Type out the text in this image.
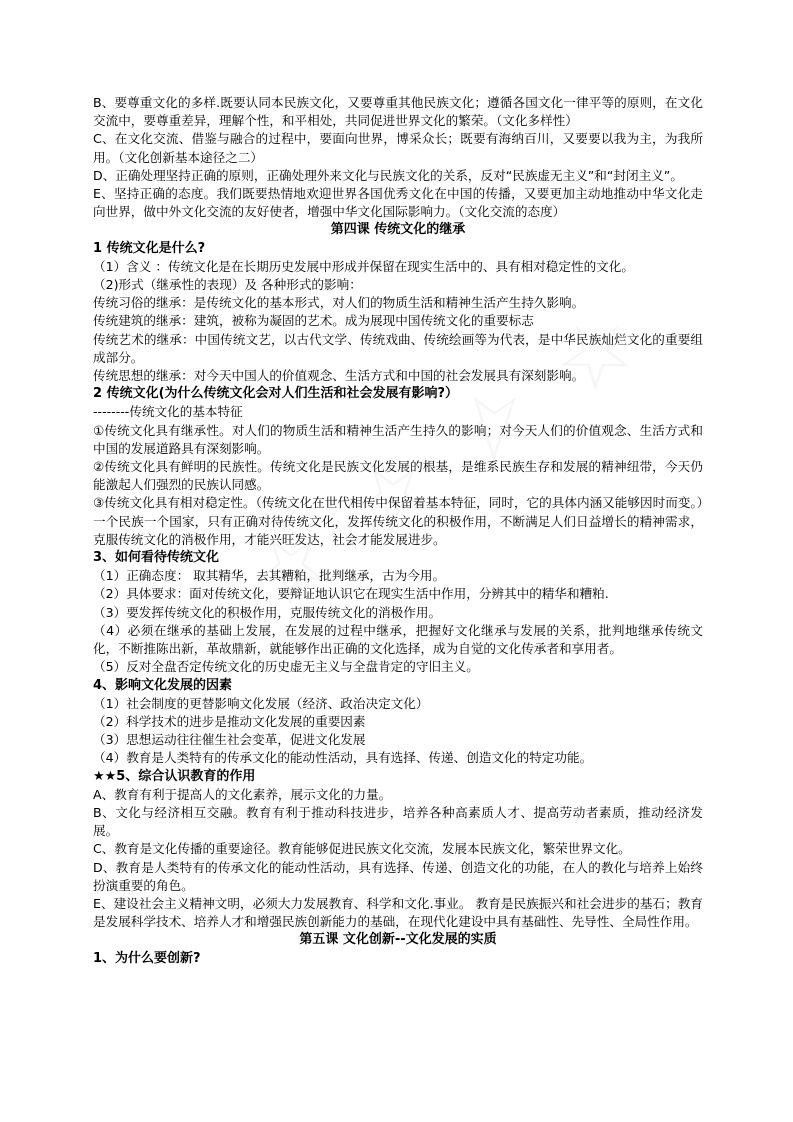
B、要尊重文化的多样.既要认同本民族文化，又要尊重其他民族文化；遵循各国文化一律平等的原则，在文化交流中，要尊重差异，理解个性，和平相处，共同促进世界文化的繁荣。（文化多样性）

C、在文化交流、借鉴与融合的过程中，要面向世界，博采众长；既要有海纳百川，又要要以我为主，为我所用。（文化创新基本途径之二）

D、正确处理坚持正确的原则，正确处理外来文化与民族文化的关系，反对“民族虚无主义”和“封闭主义”。

E、坚持正确的态度。我们既要热情地欢迎世界各国优秀文化在中国的传播，又要更加主动地推动中华文化走向世界，做中外文化交流的友好使者，增强中华文化国际影响力。（文化交流的态度）

第四课 传统文化的继承

1 传统文化是什么?

（1）含义 ：传统文化是在长期历史发展中形成并保留在现实生活中的、具有相对稳定性的文化。

（2)形式（继承性的表现）及 各种形式的影响：

传统习俗的继承：是传统文化的基本形式，对人们的物质生活和精神生活产生持久影响。

传统建筑的继承：建筑，被称为凝固的艺术。成为展现中国传统文化的重要标志

传统艺术的继承：中国传统文艺，以古代文学、传统戏曲、传统绘画等为代表，是中华民族灿烂文化的重要组成部分。

传统思想的继承：对今天中国人的价值观念、生活方式和中国的社会发展具有深刻影响。

2 传统文化(为什么传统文化会对人们生活和社会发展有影响?）

--------传统文化的基本特征

①传统文化具有继承性。对人们的物质生活和精神生活产生持久的影响；对今天人们的价值观念、生活方式和中国的发展道路具有深刻影响。

②传统文化具有鲜明的民族性。传统文化是民族文化发展的根基，是维系民族生存和发展的精神纽带，今天仍能激起人们强烈的民族认同感。

③传统文化具有相对稳定性。（传统文化在世代相传中保留着基本特征，同时，它的具体内涵又能够因时而变。）一个民族一个国家，只有正确对待传统文化，发挥传统文化的积极作用，不断满足人们日益增长的精神需求，克服传统文化的消极作用，才能兴旺发达，社会才能发展进步。

3、如何看待传统文化

（1）正确态度： 取其精华，去其糟粕，批判继承，古为今用。

（2）具体要求：面对传统文化，要辩证地认识它在现实生活中作用，分辨其中的精华和糟粕.

（3）要发挥传统文化的积极作用，克服传统文化的消极作用。

（4）必须在继承的基础上发展，在发展的过程中继承，把握好文化继承与发展的关系，批判地继承传统文 化，不断推陈出新，革故鼎新，就能够作出正确的文化选择，成为自觉的文化传承者和享用者。

（5）反对全盘否定传统文化的历史虚无主义与全盘肯定的守旧主义。

4、影响文化发展的因素

（1）社会制度的更替影响文化发展（经济、政治决定文化）

（2）科学技术的进步是推动文化发展的重要因素

（3）思想运动往往催生社会变革，促进文化发展

（4）教育是人类特有的传承文化的能动性活动，具有选择、传递、创造文化的特定功能。

★★5、综合认识教育的作用

A、教育有利于提高人的文化素养，展示文化的力量。

B、文化与经济相互交融。教育有利于推动科技进步，培养各种高素质人才、提高劳动者素质，推动经济发展。

C、教育是文化传播的重要途径。教育能够促进民族文化交流，发展本民族文化，繁荣世界文化。

D、教育是人类特有的传承文化的能动性活动，具有选择、传递、创造文化的功能，在人的教化与培养上始终扮演重要的角色。

E、建设社会主义精神文明，必须大力发展教育、科学和文化.事业。 教育是民族振兴和社会进步的基石；教育是发展科学技术、培养人才和增强民族创新能力的基础，在现代化建设中具有基础性、先导性、全局性作用。

第五课 文化创新--文化发展的实质

1、为什么要创新?
